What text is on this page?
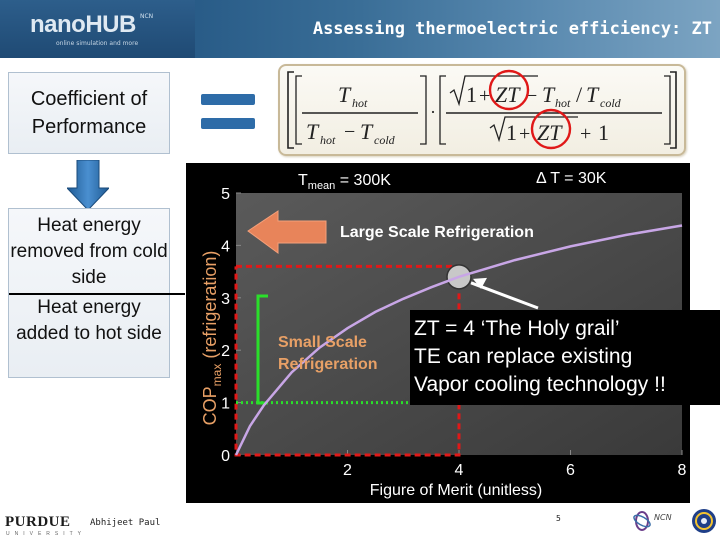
nanoHUB
online simulation and more
NCN
Assessing thermoelectric efficiency: ZT
Coefficient of Performance
Heat energy removed from cold side
Heat energy added to hot side
T hot
T hot − T cold
·
1 + ZT − T hot / T cold
1 + ZT + 1
0
1
2
3
4
5
2	4	6	8
$T_{mean} = 300K$	Δ T = 30K
Figure of Merit (unitless)
$COP_{max}$ (refrigeration)
Large Scale Refrigeration
Small Scale
Refrigeration
ZT = 4 ‘The Holy grail’
TE can replace existing
Vapor cooling technology !!
PURDUE
UNIVERSITY
Abhijeet Paul	5	NCN
